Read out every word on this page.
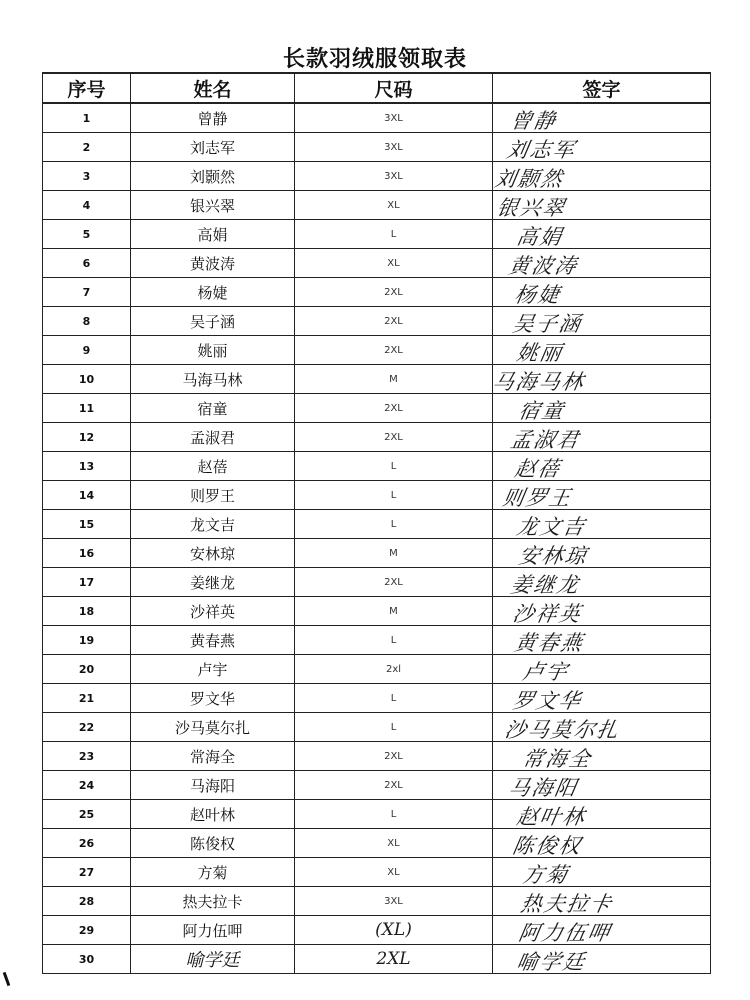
长款羽绒服领取表
序号	姓名	尺码	签字
1	曾静	3XL	曾静

2	刘志军	3XL	刘志军

3	刘颢然	3XL	刘颢然

4	银兴翠	XL	银兴翠

5	高娟	L	高娟

6	黄波涛	XL	黄波涛

7	杨婕	2XL	杨婕

8	吴子涵	2XL	吴子涵

9	姚丽	2XL	姚丽

10	马海马林	M	马海马林

11	宿童	2XL	宿童

12	孟淑君	2XL	孟淑君

13	赵蓓	L	赵蓓

14	则罗王	L	则罗王

15	龙文吉	L	龙文吉

16	安林琼	M	安林琼

17	姜继龙	2XL	姜继龙

18	沙祥英	M	沙祥英

19	黄春燕	L	黄春燕

20	卢宇	2xl	卢宇

21	罗文华	L	罗文华

22	沙马莫尔扎	L	沙马莫尔扎

23	常海全	2XL	常海全

24	马海阳	2XL	马海阳

25	赵叶林	L	赵叶林

26	陈俊权	XL	陈俊权

27	方菊	XL	方菊

28	热夫拉卡	3XL	热夫拉卡

29	阿力伍呷	(XL)	阿力伍呷

30	喻学廷	2XL	喻学廷
